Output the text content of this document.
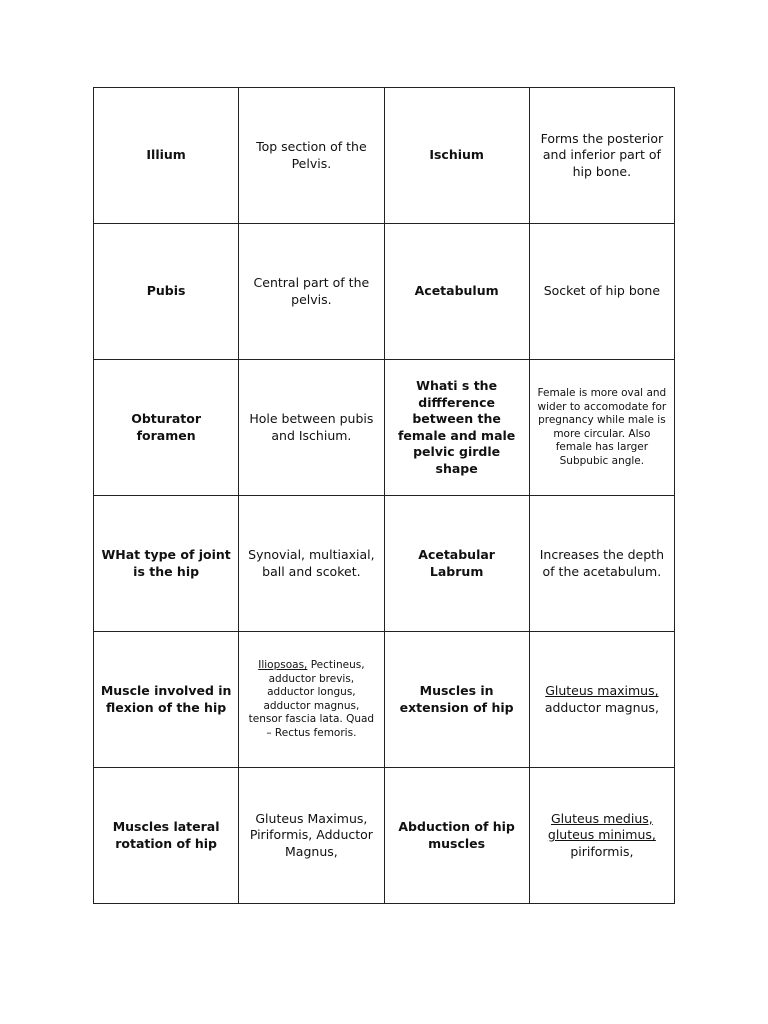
Illium	Top section of the Pelvis.	Ischium	Forms the posterior and inferior part of hip bone.
Pubis	Central part of the pelvis.	Acetabulum	Socket of hip bone
Obturator foramen	Hole between pubis and Ischium.	Whati s the diffference between the female and male pelvic girdle shape	Female is more oval and wider to accomodate for pregnancy while male is more circular. Also female has larger Subpubic angle.
WHat type of joint is the hip	Synovial, multiaxial, ball and scoket.	Acetabular Labrum	Increases the depth of the acetabulum.
Muscle involved in flexion of the hip	Iliopsoas, Pectineus, adductor brevis, adductor longus, adductor magnus, tensor fascia lata. Quad – Rectus femoris.	Muscles in extension of hip	Gluteus maximus,
adductor magnus,
Muscles lateral rotation of hip	Gluteus Maximus, Piriformis, Adductor Magnus,	Abduction of hip muscles	Gluteus medius,
gluteus minimus,
piriformis,
